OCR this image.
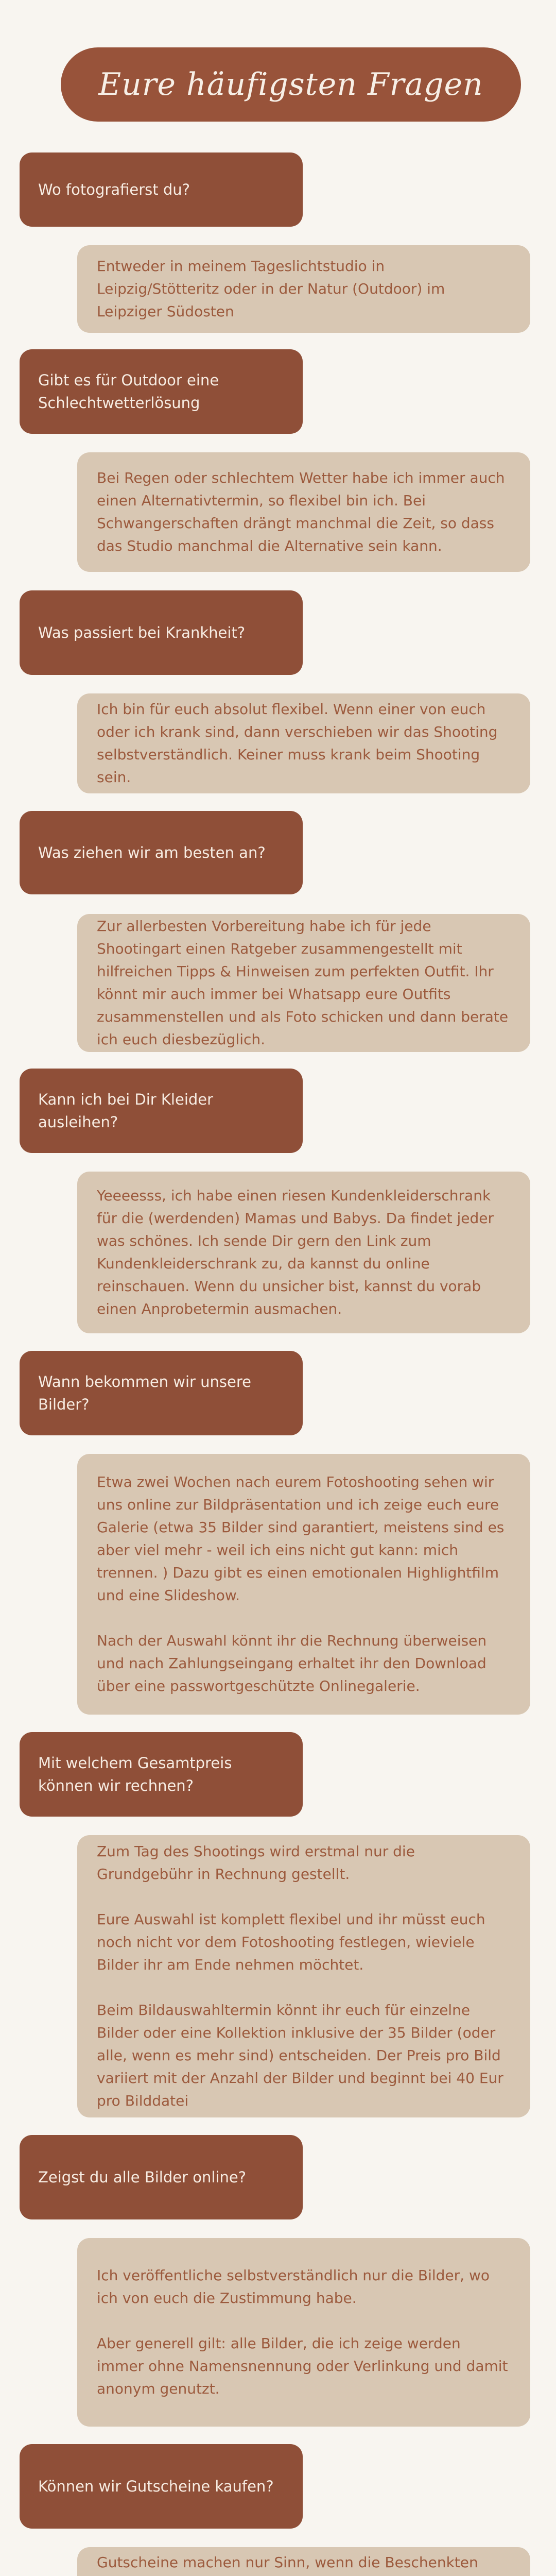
Eure häufigsten Fragen
Wo fotografierst du?

Entweder in meinem Tageslichtstudio in Leipzig/Stötteritz oder in der Natur (Outdoor) im Leipziger Südosten

Gibt es für Outdoor eine Schlechtwetterlösung

Bei Regen oder schlechtem Wetter habe ich immer auch einen Alternativtermin, so flexibel bin ich. Bei Schwangerschaften drängt manchmal die Zeit, so dass das Studio manchmal die Alternative sein kann.

Was passiert bei Krankheit?

Ich bin für euch absolut flexibel. Wenn einer von euch oder ich krank sind, dann verschieben wir das Shooting selbstverständlich. Keiner muss krank beim Shooting sein.

Was ziehen wir am besten an?

Zur allerbesten Vorbereitung habe ich für jede Shootingart einen Ratgeber zusammengestellt mit hilfreichen Tipps & Hinweisen zum perfekten Outfit. Ihr könnt mir auch immer bei Whatsapp eure Outfits zusammenstellen und als Foto schicken und dann berate ich euch diesbezüglich.

Kann ich bei Dir Kleider ausleihen?

Yeeeesss, ich habe einen riesen Kundenkleiderschrank für die (werdenden) Mamas und Babys. Da findet jeder was schönes. Ich sende Dir gern den Link zum Kundenkleiderschrank zu, da kannst du online reinschauen. Wenn du unsicher bist, kannst du vorab einen Anprobetermin ausmachen.

Wann bekommen wir unsere Bilder?

Etwa zwei Wochen nach eurem Fotoshooting sehen wir uns online zur Bildpräsentation und ich zeige euch eure Galerie (etwa 35 Bilder sind garantiert, meistens sind es aber viel mehr - weil ich eins nicht gut kann: mich trennen. ) Dazu gibt es einen emotionalen Highlightfilm und eine Slideshow.

Nach der Auswahl könnt ihr die Rechnung überweisen und nach Zahlungseingang erhaltet ihr den Download über eine passwortgeschützte Onlinegalerie.

Mit welchem Gesamtpreis können wir rechnen?

Zum Tag des Shootings wird erstmal nur die Grundgebühr in Rechnung gestellt.

Eure Auswahl ist komplett flexibel und ihr müsst euch noch nicht vor dem Fotoshooting festlegen, wieviele Bilder ihr am Ende nehmen möchtet.

Beim Bildauswahltermin könnt ihr euch für einzelne Bilder oder eine Kollektion inklusive der 35 Bilder (oder alle, wenn es mehr sind) entscheiden. Der Preis pro Bild variiert mit der Anzahl der Bilder und beginnt bei 40 Eur pro Bilddatei

Zeigst du alle Bilder online?

Ich veröffentliche selbstverständlich nur die Bilder, wo ich von euch die Zustimmung habe.

Aber generell gilt: alle Bilder, die ich zeige werden immer ohne Namensnennung oder Verlinkung und damit anonym genutzt.

Können wir Gutscheine kaufen?

Gutscheine machen nur Sinn, wenn die Beschenkten
